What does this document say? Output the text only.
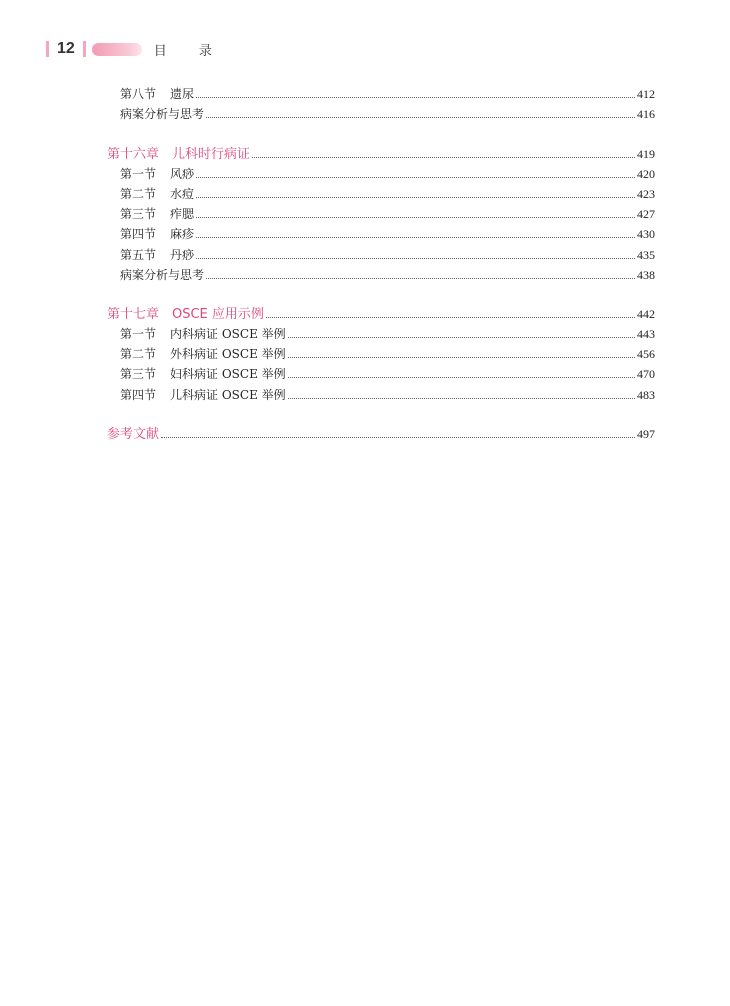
12	目 录
第八节 遗尿	412
病案分析与思考	416
第十六章　儿科时行病证	419
第一节 风痧	420
第二节 水痘	423
第三节 痄腮	427
第四节 麻疹	430
第五节 丹痧	435
病案分析与思考	438
第十七章　OSCE 应用示例	442
第一节 内科病证 OSCE 举例	443
第二节 外科病证 OSCE 举例	456
第三节 妇科病证 OSCE 举例	470
第四节 儿科病证 OSCE 举例	483
参考文献	497
